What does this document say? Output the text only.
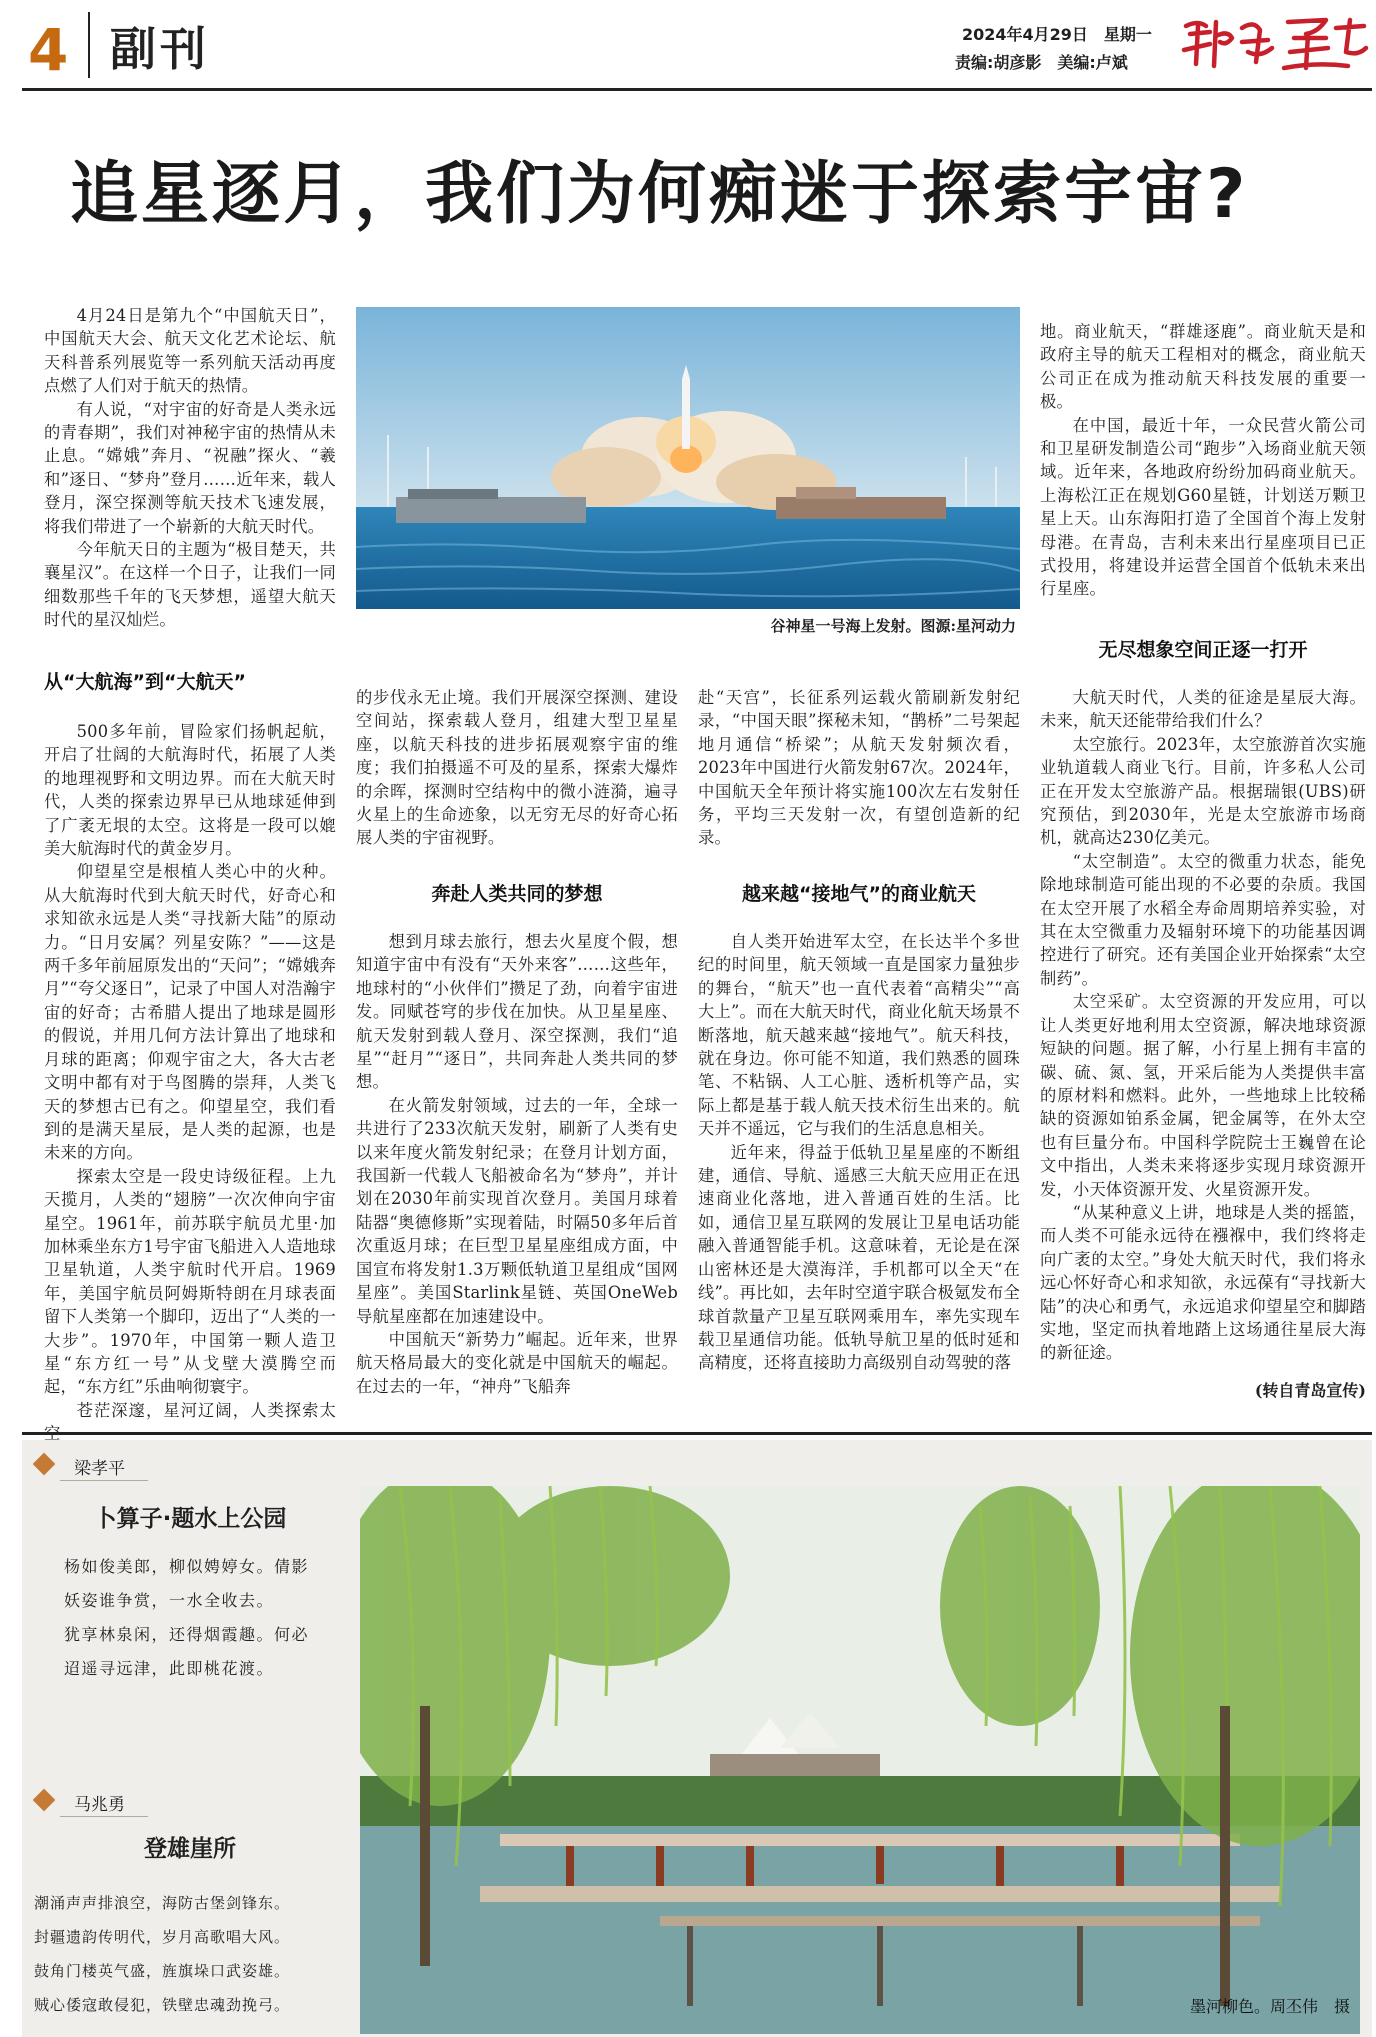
4 副刊	2024年4月29日　星期一
责编:胡彦影　美编:卢斌
追星逐月，我们为何痴迷于探索宇宙?

4月24日是第九个“中国航天日”，中国航天大会、航天文化艺术论坛、航天科普系列展览等一系列航天活动再度点燃了人们对于航天的热情。

有人说，“对宇宙的好奇是人类永远的青春期”，我们对神秘宇宙的热情从未止息。“嫦娥”奔月、“祝融”探火、“羲和”逐日、“梦舟”登月……近年来，载人登月，深空探测等航天技术飞速发展，将我们带进了一个崭新的大航天时代。

今年航天日的主题为“极目楚天，共襄星汉”。在这样一个日子，让我们一同细数那些千年的飞天梦想，遥望大航天时代的星汉灿烂。

从“大航海”到“大航天”

500多年前，冒险家们扬帆起航，开启了壮阔的大航海时代，拓展了人类的地理视野和文明边界。而在大航天时代，人类的探索边界早已从地球延伸到了广袤无垠的太空。这将是一段可以媲美大航海时代的黄金岁月。

仰望星空是根植人类心中的火种。从大航海时代到大航天时代，好奇心和求知欲永远是人类“寻找新大陆”的原动力。“日月安属？列星安陈？”——这是两千多年前屈原发出的“天问”；“嫦娥奔月”“夸父逐日”，记录了中国人对浩瀚宇宙的好奇；古希腊人提出了地球是圆形的假说，并用几何方法计算出了地球和月球的距离；仰观宇宙之大，各大古老文明中都有对于鸟图腾的崇拜，人类飞天的梦想古已有之。仰望星空，我们看到的是满天星辰，是人类的起源，也是未来的方向。

探索太空是一段史诗级征程。上九天揽月，人类的“翅膀”一次次伸向宇宙星空。1961年，前苏联宇航员尤里·加加林乘坐东方1号宇宙飞船进入人造地球卫星轨道，人类宇航时代开启。1969年，美国宇航员阿姆斯特朗在月球表面留下人类第一个脚印，迈出了“人类的一大步”。1970年，中国第一颗人造卫星“东方红一号”从戈壁大漠腾空而起，“东方红”乐曲响彻寰宇。

苍茫深邃，星河辽阔，人类探索太

谷神星一号海上发射。图源:星河动力

的步伐永无止境。我们开展深空探测、建设空间站，探索载人登月，组建大型卫星星座，以航天科技的进步拓展观察宇宙的维度；我们拍摄遥不可及的星系，探索大爆炸的余晖，探测时空结构中的微小涟漪，遍寻火星上的生命迹象，以无穷无尽的好奇心拓展人类的宇宙视野。

奔赴人类共同的梦想

想到月球去旅行，想去火星度个假，想知道宇宙中有没有“天外来客”……这些年，地球村的“小伙伴们”攒足了劲，向着宇宙进发。同赋苍穹的步伐在加快。从卫星星座、航天发射到载人登月、深空探测，我们“追星”“赶月”“逐日”，共同奔赴人类共同的梦想。

在火箭发射领域，过去的一年，全球一共进行了233次航天发射，刷新了人类有史以来年度火箭发射纪录；在登月计划方面，我国新一代载人飞船被命名为“梦舟”，并计划在2030年前实现首次登月。美国月球着陆器“奥德修斯”实现着陆，时隔50多年后首次重返月球；在巨型卫星星座组成方面，中国宣布将发射1.3万颗低轨道卫星组成“国网星座”。美国Starlink星链、英国OneWeb导航星座都在加速建设中。

中国航天“新势力”崛起。近年来，世界航天格局最大的变化就是中国航天的崛起。在过去的一年，“神舟”飞船奔

赴“天宫”，长征系列运载火箭刷新发射纪录，“中国天眼”探秘未知，“鹊桥”二号架起地月通信“桥梁”；从航天发射频次看，2023年中国进行火箭发射67次。2024年，中国航天全年预计将实施100次左右发射任务，平均三天发射一次，有望创造新的纪录。

越来越“接地气”的商业航天

自人类开始进军太空，在长达半个多世纪的时间里，航天领域一直是国家力量独步的舞台，“航天”也一直代表着“高精尖”“高大上”。而在大航天时代，商业化航天场景不断落地，航天越来越“接地气”。航天科技，就在身边。你可能不知道，我们熟悉的圆珠笔、不粘锅、人工心脏、透析机等产品，实际上都是基于载人航天技术衍生出来的。航天并不遥远，它与我们的生活息息相关。

近年来，得益于低轨卫星星座的不断组建，通信、导航、遥感三大航天应用正在迅速商业化落地，进入普通百姓的生活。比如，通信卫星互联网的发展让卫星电话功能融入普通智能手机。这意味着，无论是在深山密林还是大漠海洋，手机都可以全天“在线”。再比如，去年时空道宇联合极氪发布全球首款量产卫星互联网乘用车，率先实现车载卫星通信功能。低轨导航卫星的低时延和高精度，还将直接助力高级别自动驾驶的落

地。商业航天，“群雄逐鹿”。商业航天是和政府主导的航天工程相对的概念，商业航天公司正在成为推动航天科技发展的重要一极。

在中国，最近十年，一众民营火箭公司和卫星研发制造公司“跑步”入场商业航天领域。近年来，各地政府纷纷加码商业航天。上海松江正在规划G60星链，计划送万颗卫星上天。山东海阳打造了全国首个海上发射母港。在青岛，吉利未来出行星座项目已正式投用，将建设并运营全国首个低轨未来出行星座。

无尽想象空间正逐一打开

大航天时代，人类的征途是星辰大海。未来，航天还能带给我们什么？

太空旅行。2023年，太空旅游首次实施业轨道载人商业飞行。目前，许多私人公司正在开发太空旅游产品。根据瑞银(UBS)研究预估，到2030年，光是太空旅游市场商机，就高达230亿美元。

“太空制造”。太空的微重力状态，能免除地球制造可能出现的不必要的杂质。我国在太空开展了水稻全寿命周期培养实验，对其在太空微重力及辐射环境下的功能基因调控进行了研究。还有美国企业开始探索“太空制药”。

太空采矿。太空资源的开发应用，可以让人类更好地利用太空资源，解决地球资源短缺的问题。据了解，小行星上拥有丰富的碳、硫、氮、氢，开采后能为人类提供丰富的原材料和燃料。此外，一些地球上比较稀缺的资源如铂系金属，钯金属等，在外太空也有巨量分布。中国科学院院士王巍曾在论文中指出，人类未来将逐步实现月球资源开发，小天体资源开发、火星资源开发。

“从某种意义上讲，地球是人类的摇篮，而人类不可能永远待在襁褓中，我们终将走向广袤的太空。”身处大航天时代，我们将永远心怀好奇心和求知欲，永远葆有“寻找新大陆”的决心和勇气，永远追求仰望星空和脚踏实地，坚定而执着地踏上这场通往星辰大海的新征途。

(转自青岛宣传)
梁孝平
卜算子·题水上公园
杨如俊美郎，柳似娉婷女。倩影
妖姿谁争赏，一水全收去。
犹享林泉闲，还得烟霞趣。何必
迢遥寻远津，此即桃花渡。
马兆勇
登雄崖所
潮涌声声排浪空，海防古堡剑锋东。
封疆遗韵传明代，岁月高歌唱大风。
鼓角门楼英气盛，旌旗垛口武姿雄。
贼心倭寇敢侵犯，铁壁忠魂劲挽弓。	墨河柳色。周丕伟　摄
